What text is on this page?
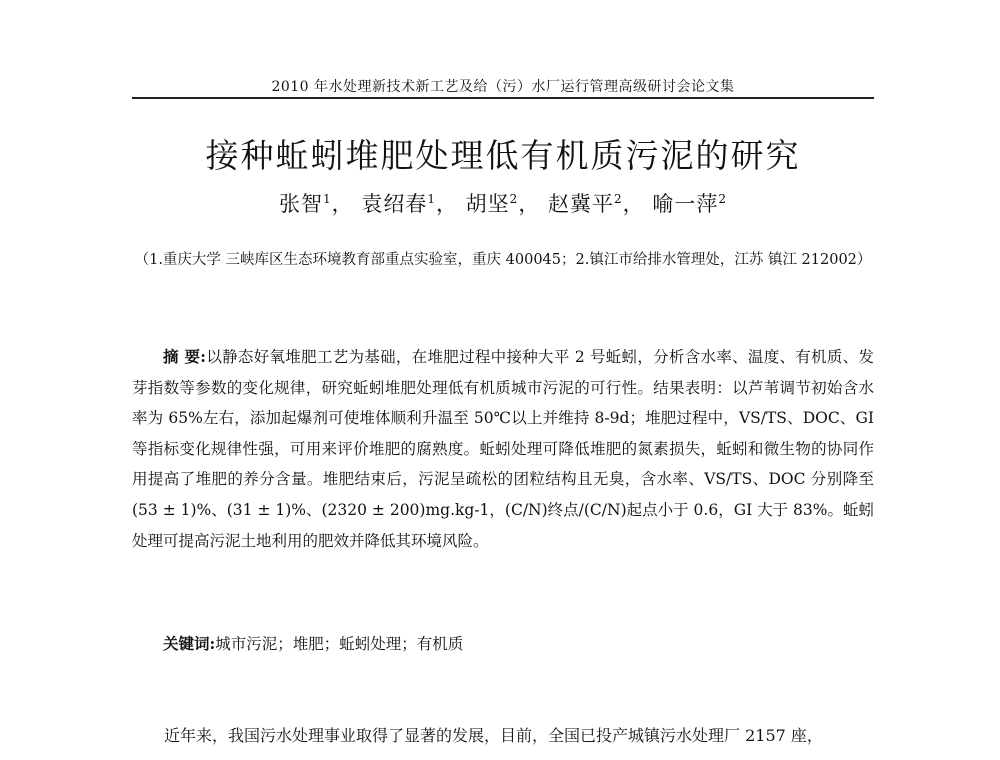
2010 年水处理新技术新工艺及给（污）水厂运行管理高级研讨会论文集
接种蚯蚓堆肥处理低有机质污泥的研究
张智$^1$， 袁绍春$^1$， 胡坚$^2$， 赵冀平$^2$， 喻一萍$^2$
（1.重庆大学 三峡库区生态环境教育部重点实验室，重庆 400045；2.镇江市给排水管理处，江苏 镇江 212002）

摘 要:以静态好氧堆肥工艺为基础，在堆肥过程中接种大平 2 号蚯蚓，分析含水率、温度、有机质、发芽指数等参数的变化规律，研究蚯蚓堆肥处理低有机质城市污泥的可行性。结果表明：以芦苇调节初始含水率为 65%左右，添加起爆剂可使堆体顺利升温至 50℃以上并维持 8-9d；堆肥过程中，VS/TS、DOC、GI 等指标变化规律性强，可用来评价堆肥的腐熟度。蚯蚓处理可降低堆肥的氮素损失，蚯蚓和微生物的协同作用提高了堆肥的养分含量。堆肥结束后，污泥呈疏松的团粒结构且无臭，含水率、VS/TS、DOC 分别降至(53 ± 1)%、(31 ± 1)%、(2320 ± 200)mg.kg-1，(C/N)终点/(C/N)起点小于 0.6，GI 大于 83%。蚯蚓处理可提高污泥土地利用的肥效并降低其环境风险。

关键词:城市污泥；堆肥；蚯蚓处理；有机质

近年来，我国污水处理事业取得了显著的发展，目前，全国已投产城镇污水处理厂 2157 座，
